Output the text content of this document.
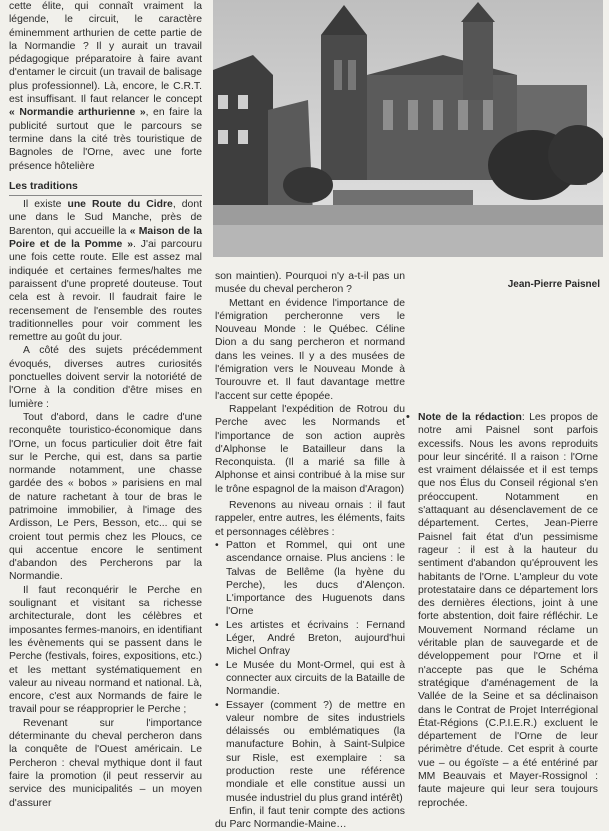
Jean-Pierre Paisnel

cette élite, qui connaît vraiment la légende, le circuit, le caractère éminemment arthurien de cette partie de la Normandie ? Il y aurait un travail pédagogique préparatoire à faire avant d'entamer le circuit (un travail de balisage plus professionnel). Là, encore, le C.R.T. est insuffisant. Il faut relancer le concept « Normandie arthurienne », en faire la publicité surtout que le parcours se termine dans la cité très touristique de Bagnoles de l'Orne, avec une forte présence hôtelière

Les traditions

Il existe une Route du Cidre, dont une dans le Sud Manche, près de Barenton, qui accueille la « Maison de la Poire et de la Pomme ». J'ai parcouru une fois cette route. Elle est assez mal indiquée et certaines fermes/haltes me paraissent d'une propreté douteuse. Tout cela est à revoir. Il faudrait faire le recensement de l'ensemble des routes traditionnelles pour voir comment les remettre au goût du jour.

A côté des sujets précédemment évoqués, diverses autres curiosités ponctuelles doivent servir la notoriété de l'Orne à la condition d'être mises en lumière :

Tout d'abord, dans le cadre d'une reconquête touristico-économique dans l'Orne, un focus particulier doit être fait sur le Perche, qui est, dans sa partie normande notamment, une chasse gardée des « bobos » parisiens en mal de nature rachetant à tour de bras le patrimoine immobilier, à l'image des Ardisson, Le Pers, Besson, etc... qui se croient tout permis chez les Ploucs, ce qui accentue encore le sentiment d'abandon des Percherons par la Normandie.

Il faut reconquérir le Perche en soulignant et visitant sa richesse architecturale, dont les célèbres et imposantes fermes-manoirs, en identifiant les évènements qui se passent dans le Perche (festivals, foires, expositions, etc.) et les mettant systématiquement en valeur au niveau normand et national. Là, encore, c'est aux Normands de faire le travail pour se réapproprier le Perche ;

Revenant sur l'importance déterminante du cheval percheron dans la conquête de l'Ouest américain. Le Percheron : cheval mythique dont il faut faire la promotion (il peut resservir au service des municipalités – un moyen d'assurer

son maintien). Pourquoi n'y a-t-il pas un musée du cheval percheron ?

Mettant en évidence l'importance de l'émigration percheronne vers le Nouveau Monde : le Québec. Céline Dion a du sang percheron et normand dans les veines. Il y a des musées de l'émigration vers le Nouveau Monde à Tourouvre et. Il faut davantage mettre l'accent sur cette épopée.

Rappelant l'expédition de Rotrou du Perche avec les Normands et l'importance de son action auprès d'Alphonse le Batailleur dans la Reconquista. (Il a marié sa fille à Alphonse et ainsi contribué à la mise sur le trône espagnol de la maison d'Aragon)

Revenons au niveau ornais : il faut rappeler, entre autres, les éléments, faits et personnages célèbres :

• Patton et Rommel, qui ont une ascendance ornaise. Plus anciens : le Talvas de Bellême (la hyène du Perche), les ducs d'Alençon. L'importance des Huguenots dans l'Orne
• Les artistes et écrivains : Fernand Léger, André Breton, aujourd'hui Michel Onfray
• Le Musée du Mont-Ormel, qui est à connecter aux circuits de la Bataille de Normandie.
• Essayer (comment ?) de mettre en valeur nombre de sites industriels délaissés ou emblématiques (la manufacture Bohin, à Saint-Sulpice sur Risle, est exemplaire : sa production reste une référence mondiale et elle constitue aussi un musée industriel du plus grand intérêt)

Enfin, il faut tenir compte des actions du Parc Normandie-Maine…

• Note de la rédaction: Les propos de notre ami Paisnel sont parfois excessifs. Nous les avons reproduits pour leur sincérité. Il a raison : l'Orne est vraiment délaissée et il est temps que nos Élus du Conseil régional s'en préoccupent. Notamment en s'attaquant au désenclavement de ce département. Certes, Jean-Pierre Paisnel fait état d'un pessimisme rageur : il est à la hauteur du sentiment d'abandon qu'éprouvent les habitants de l'Orne. L'ampleur du vote protestataire dans ce département lors des dernières élections, joint à une forte abstention, doit faire réfléchir. Le Mouvement Normand réclame un véritable plan de sauvegarde et de développement pour l'Orne et il n'accepte pas que le Schéma stratégique d'aménagement de la Vallée de la Seine et sa déclinaison dans le Contrat de Projet Interrégional État-Régions (C.P.I.E.R.) excluent le département de l'Orne de leur périmètre d'étude. Cet esprit à courte vue – ou égoïste – a été entériné par MM Beauvais et Mayer-Rossignol : faute majeure qui leur sera toujours reprochée.
